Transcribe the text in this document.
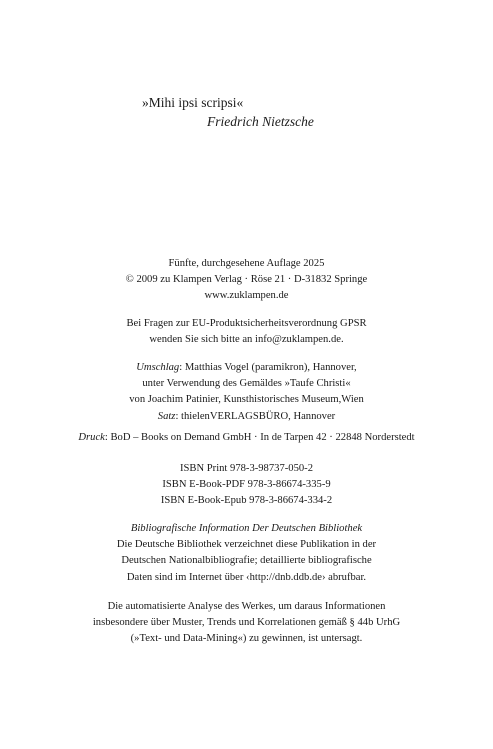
»Mihi ipsi scripsi«
Friedrich Nietzsche
Fünfte, durchgesehene Auflage 2025
© 2009 zu Klampen Verlag · Röse 21 · D-31832 Springe
www.zuklampen.de
Bei Fragen zur EU-Produktsicherheitsverordnung GPSR
wenden Sie sich bitte an info@zuklampen.de.
Umschlag: Matthias Vogel (paramikron), Hannover,
unter Verwendung des Gemäldes »Taufe Christi«
von Joachim Patinier, Kunsthistorisches Museum,Wien
Satz: thielenVERLAGSBÜRO, Hannover
Druck: BoD – Books on Demand GmbH · In de Tarpen 42 · 22848 Norderstedt
ISBN Print 978-3-98737-050-2
ISBN E-Book-PDF 978-3-86674-335-9
ISBN E-Book-Epub 978-3-86674-334-2
Bibliografische Information Der Deutschen Bibliothek
Die Deutsche Bibliothek verzeichnet diese Publikation in der
Deutschen Nationalbibliografie; detaillierte bibliografische
Daten sind im Internet über ‹http://dnb.ddb.de› abrufbar.
Die automatisierte Analyse des Werkes, um daraus Informationen
insbesondere über Muster, Trends und Korrelationen gemäß § 44b UrhG
(»Text- und Data-Mining«) zu gewinnen, ist untersagt.
